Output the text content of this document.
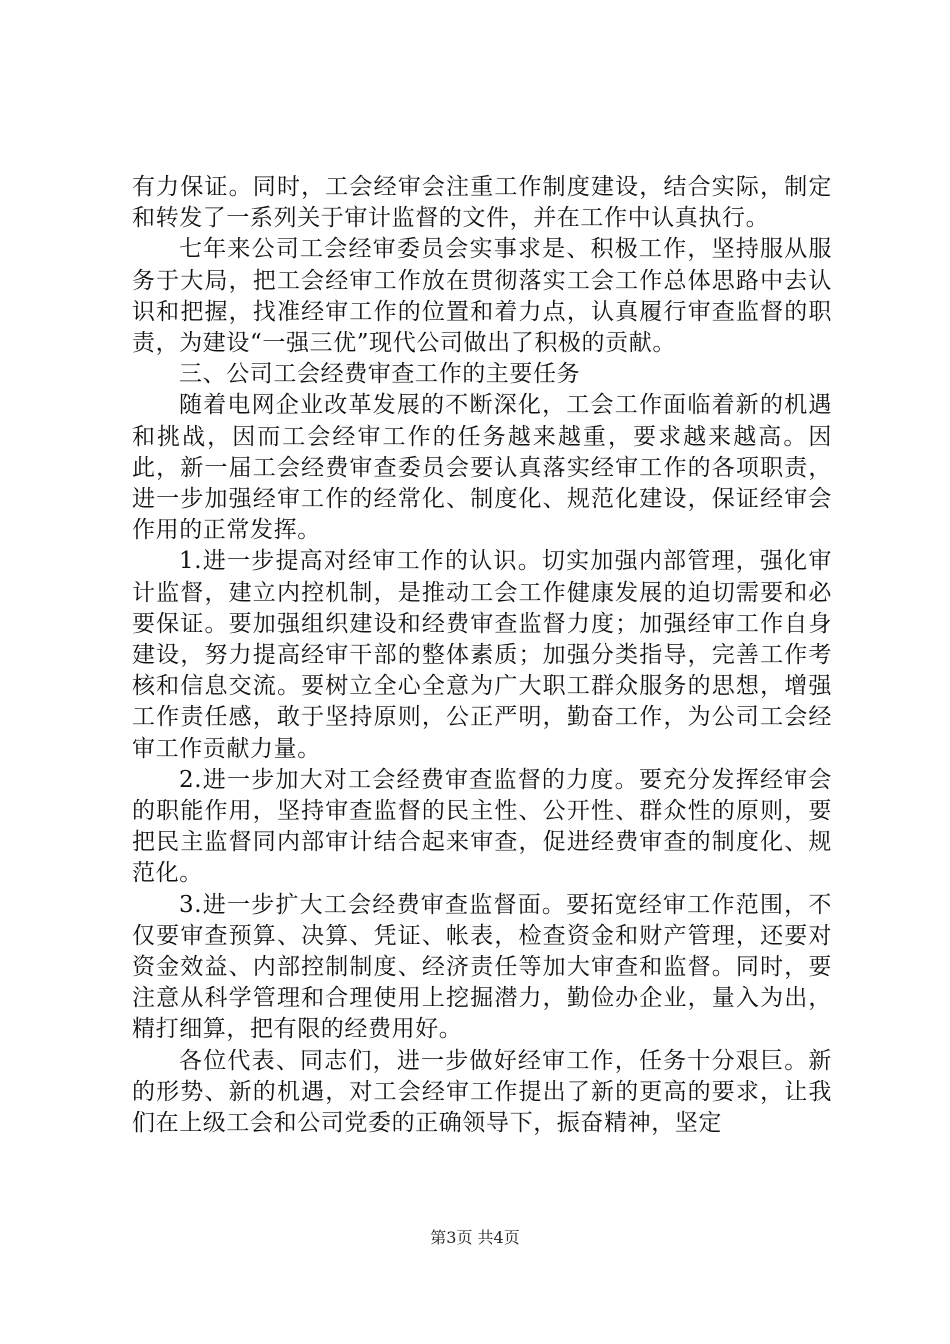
有力保证。同时，工会经审会注重工作制度建设，结合实际，制定和转发了一系列关于审计监督的文件，并在工作中认真执行。

七年来公司工会经审委员会实事求是、积极工作，坚持服从服务于大局，把工会经审工作放在贯彻落实工会工作总体思路中去认识和把握，找准经审工作的位置和着力点，认真履行审查监督的职责，为建设“一强三优”现代公司做出了积极的贡献。

三、公司工会经费审查工作的主要任务

随着电网企业改革发展的不断深化，工会工作面临着新的机遇和挑战，因而工会经审工作的任务越来越重，要求越来越高。因此，新一届工会经费审查委员会要认真落实经审工作的各项职责，进一步加强经审工作的经常化、制度化、规范化建设，保证经审会作用的正常发挥。

1.进一步提高对经审工作的认识。切实加强内部管理，强化审计监督，建立内控机制，是推动工会工作健康发展的迫切需要和必要保证。要加强组织建设和经费审查监督力度；加强经审工作自身建设，努力提高经审干部的整体素质；加强分类指导，完善工作考核和信息交流。要树立全心全意为广大职工群众服务的思想，增强工作责任感，敢于坚持原则，公正严明，勤奋工作，为公司工会经审工作贡献力量。

2.进一步加大对工会经费审查监督的力度。要充分发挥经审会的职能作用，坚持审查监督的民主性、公开性、群众性的原则，要把民主监督同内部审计结合起来审查，促进经费审查的制度化、规范化。

3.进一步扩大工会经费审查监督面。要拓宽经审工作范围，不仅要审查预算、决算、凭证、帐表，检查资金和财产管理，还要对资金效益、内部控制制度、经济责任等加大审查和监督。同时，要注意从科学管理和合理使用上挖掘潜力，勤俭办企业，量入为出，精打细算，把有限的经费用好。

各位代表、同志们，进一步做好经审工作，任务十分艰巨。新的形势、新的机遇，对工会经审工作提出了新的更高的要求，让我们在上级工会和公司党委的正确领导下，振奋精神，坚定

第3页 共4页
